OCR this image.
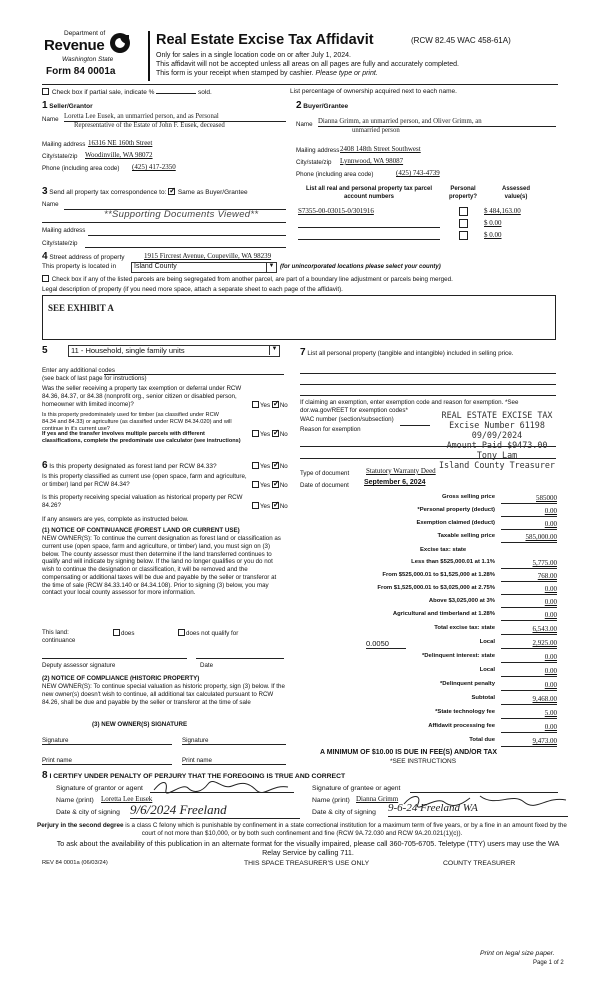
Department of
Revenue
Washington State
Form 84 0001a
Real Estate Excise Tax Affidavit	(RCW 82.45 WAC 458-61A)
Only for sales in a single location code on or after July 1, 2024.
This affidavit will not be accepted unless all areas on all pages are fully and accurately completed.
This form is your receipt when stamped by cashier. Please type or print.
Check box if partial sale, indicate %	sold.	List percentage of ownership acquired next to each name.
1 Seller/Grantor
Name Loretta Lee Eusek, an unmarried person, and as Personal
Representative of the Estate of John F. Eusek, deceased
Mailing address 16316 NE 160th Street
City/state/zip Woodinville, WA 98072
Phone (including area code) (425) 417-2350
2 Buyer/Grantee
Name Dianna Grimm, an unmarried person, and Oliver Grimm, an
unmarried person
Mailing address 2408 148th Street Southwest
City/state/zip Lynnwood, WA 98087
Phone (including area code)	(425) 743-4739
3 Send all property tax correspondence to: ✓ Same as Buyer/Grantee
Name
**Supporting Documents Viewed**
Mailing address
City/state/zip
List all real and personal property tax parcel account numbers
Personal property?
Assessed value(s)
S7355-00-03015-0/301916	$ 484,163.00
$ 0.00
$ 0.00
4 Street address of property	1915 Fircrest Avenue, Coupeville, WA 98239
This property is located in	Island County	▼ (for unincorporated locations please select your county)
Check box if any of the listed parcels are being segregated from another parcel, are part of a boundary line adjustment or parcels being merged.
Legal description of property (if you need more space, attach a separate sheet to each page of the affidavit).
SEE EXHIBIT A
5	11 - Household, single family units	▼
Enter any additional codes
(see back of last page for instructions)
Was the seller receiving a property tax exemption or deferral under RCW 84.36, 84.37, or 84.38 (nonprofit org., senior citizen or disabled person, homeowner with limited income)?	Yes ✓ No
Is this property predominately used for timber (as classified under RCW 84.34 and 84.33) or agriculture (as classified under RCW 84.34.020) and will continue in it's current use?
If yes and the transfer involves multiple parcels with different classifications, complete the predominate use calculator (see instructions)
Yes ✓ No
6 Is this property designated as forest land per RCW 84.33?	Yes ✓ No
Is this property classified as current use (open space, farm and agriculture, or timber) land per RCW 84.34?	Yes ✓ No
Is this property receiving special valuation as historical property per RCW 84.26?	Yes ✓ No
If any answers are yes, complete as instructed below.
(1) NOTICE OF CONTINUANCE (FOREST LAND OR CURRENT USE)
NEW OWNER(S): To continue the current designation as forest land or classification as current use (open space, farm and agriculture, or timber) land, you must sign on (3) below. The county assessor must then determine if the land transferred continues to qualify and will indicate by signing below. If the land no longer qualifies or you do not wish to continue the designation or classification, it will be removed and the compensating or additional taxes will be due and payable by the seller or transferor at the time of sale (RCW 84.33.140 or 84.34.108). Prior to signing (3) below, you may contact your local county assessor for more information.
This land:
continuance
does	does not qualify for
Deputy assessor signature	Date
(2) NOTICE OF COMPLIANCE (HISTORIC PROPERTY)
NEW OWNER(S): To continue special valuation as historic property, sign (3) below. If the new owner(s) doesn't wish to continue, all additional tax calculated pursuant to RCW 84.26, shall be due and payable by the seller or transferor at the time of sale
(3) NEW OWNER(S) SIGNATURE
Signature	Signature
Print name	Print name
7 List all personal property (tangible and intangible) included in selling price.
If claiming an exemption, enter exemption code and reason for exemption. *See dor.wa.gov/REET for exemption codes*
WAC number (section/subsection)
Reason for exemption
REAL ESTATE EXCISE TAX
Excise Number 61198
09/09/2024
Amount Paid $9473.00
Tony Lam
Island County Treasurer
Type of document Statutory Warranty Deed
Date of document September 6, 2024
Gross selling price	585000
*Personal property (deduct)	0.00
Exemption claimed (deduct)	0.00
Taxable selling price	585,000.00
Excise tax: state
Less than $525,000.01 at 1.1%	5,775.00
From $525,000.01 to $1,525,000 at 1.28%	768.00
From $1,525,000.01 to $3,025,000 at 2.75%	0.00
Above $3,025,000 at 3%	0.00
Agricultural and timberland at 1.28%	0.00
Total excise tax: state	6,543.00
0.0050	Local	2,925.00
*Delinquent interest: state	0.00
Local	0.00
*Delinquent penalty	0.00
Subtotal	9,468.00
*State technology fee	5.00
Affidavit processing fee	0.00
Total due	9,473.00
A MINIMUM OF $10.00 IS DUE IN FEE(S) AND/OR TAX
*SEE INSTRUCTIONS
8 I CERTIFY UNDER PENALTY OF PERJURY THAT THE FOREGOING IS TRUE AND CORRECT
Signature of grantor or agent
Name (print) Loretta Lee Eusek
Date & city of signing 9/6/2024 Freeland
Signature of grantee or agent
Name (print) Dianna Grimm
Date & city of signing 9-6-24 Freeland WA
Perjury in the second degree is a class C felony which is punishable by confinement in a state correctional institution for a maximum term of five years, or by a fine in an amount fixed by the court of not more than $10,000, or by both such confinement and fine (RCW 9A.72.030 and RCW 9A.20.021(1)(c)).
To ask about the availability of this publication in an alternate format for the visually impaired, please call 360-705-6705. Teletype (TTY) users may use the WA Relay Service by calling 711.
REV 84 0001a (06/03/24)	THIS SPACE TREASURER'S USE ONLY	COUNTY TREASURER
Print on legal size paper.
Page 1 of 2
